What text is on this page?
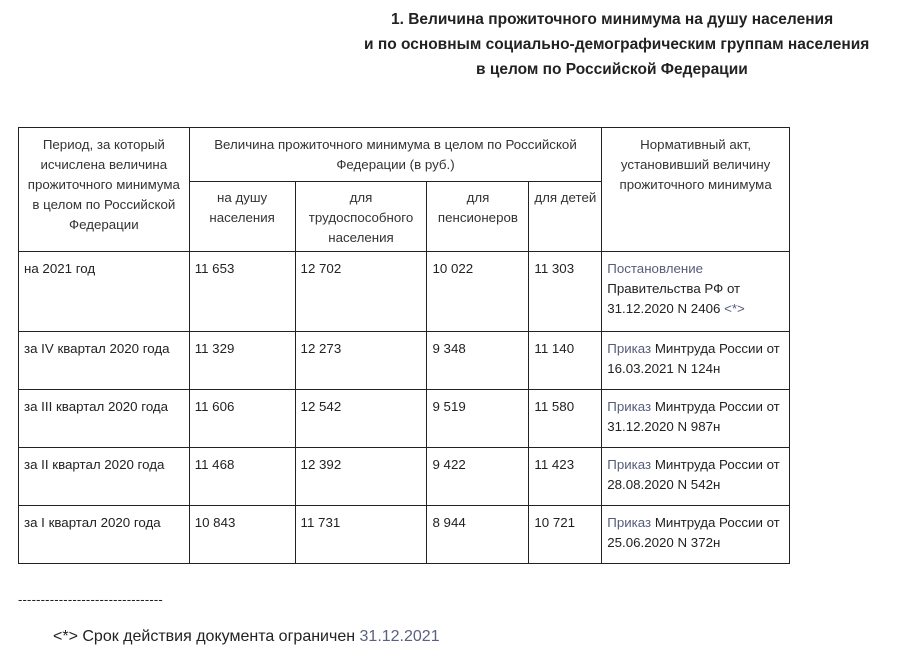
1. Величина прожиточного минимума на душу населения
и по основным социально-демографическим группам населения
в целом по Российской Федерации
Период, за который исчислена величина прожиточного минимума в целом по Российской Федерации	Величина прожиточного минимума в целом по Российской Федерации (в руб.)				Нормативный акт, установивший величину прожиточного минимума
	на душу населения	для трудоспособного населения	для пенсионеров	для детей	
на 2021 год	11 653	12 702	10 022	11 303	Постановление
Правительства РФ от 31.12.2020 N 2406 <*>
за IV квартал 2020 года	11 329	12 273	9 348	11 140	Приказ Минтруда России от 16.03.2021 N 124н
за III квартал 2020 года	11 606	12 542	9 519	11 580	Приказ Минтруда России от 31.12.2020 N 987н
за II квартал 2020 года	11 468	12 392	9 422	11 423	Приказ Минтруда России от 28.08.2020 N 542н
за I квартал 2020 года	10 843	11 731	8 944	10 721	Приказ Минтруда России от 25.06.2020 N 372н
--------------------------------
<*> Срок действия документа ограничен 31.12.2021
